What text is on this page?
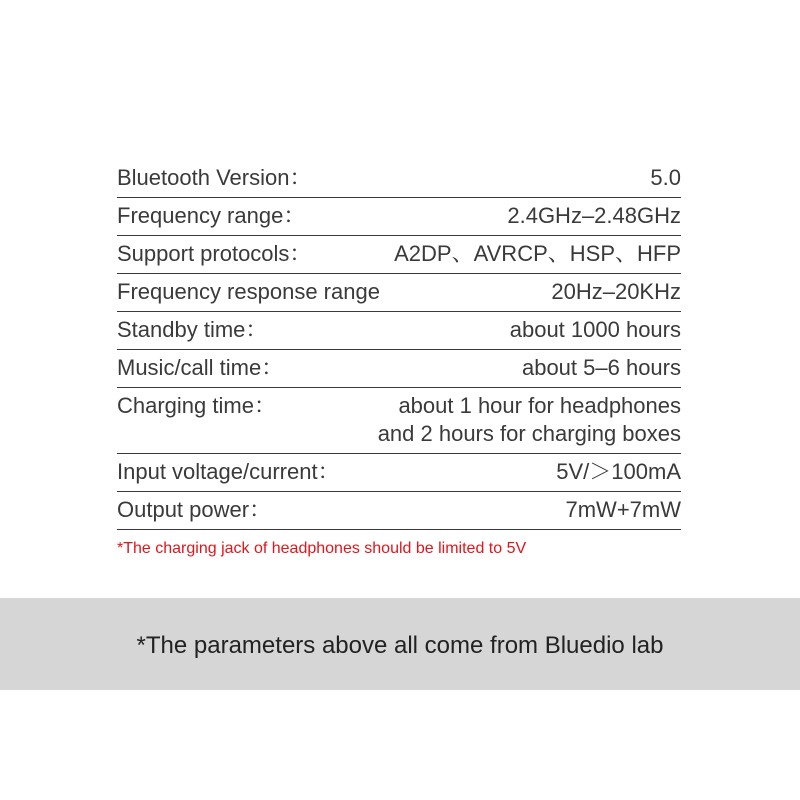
Bluetooth Version：	5.0
Frequency range：	2.4GHz–2.48GHz
Support protocols：	A2DP、AVRCP、HSP、HFP
Frequency response range	20Hz–20KHz
Standby time：	about 1000 hours
Music/call time：	about 5–6 hours
Charging time：	about 1 hour for headphones
and 2 hours for charging boxes
Input voltage/current：	5V/＞100mA
Output power：	7mW+7mW
*The charging jack of headphones should be limited to 5V
*The parameters above all come from Bluedio lab
